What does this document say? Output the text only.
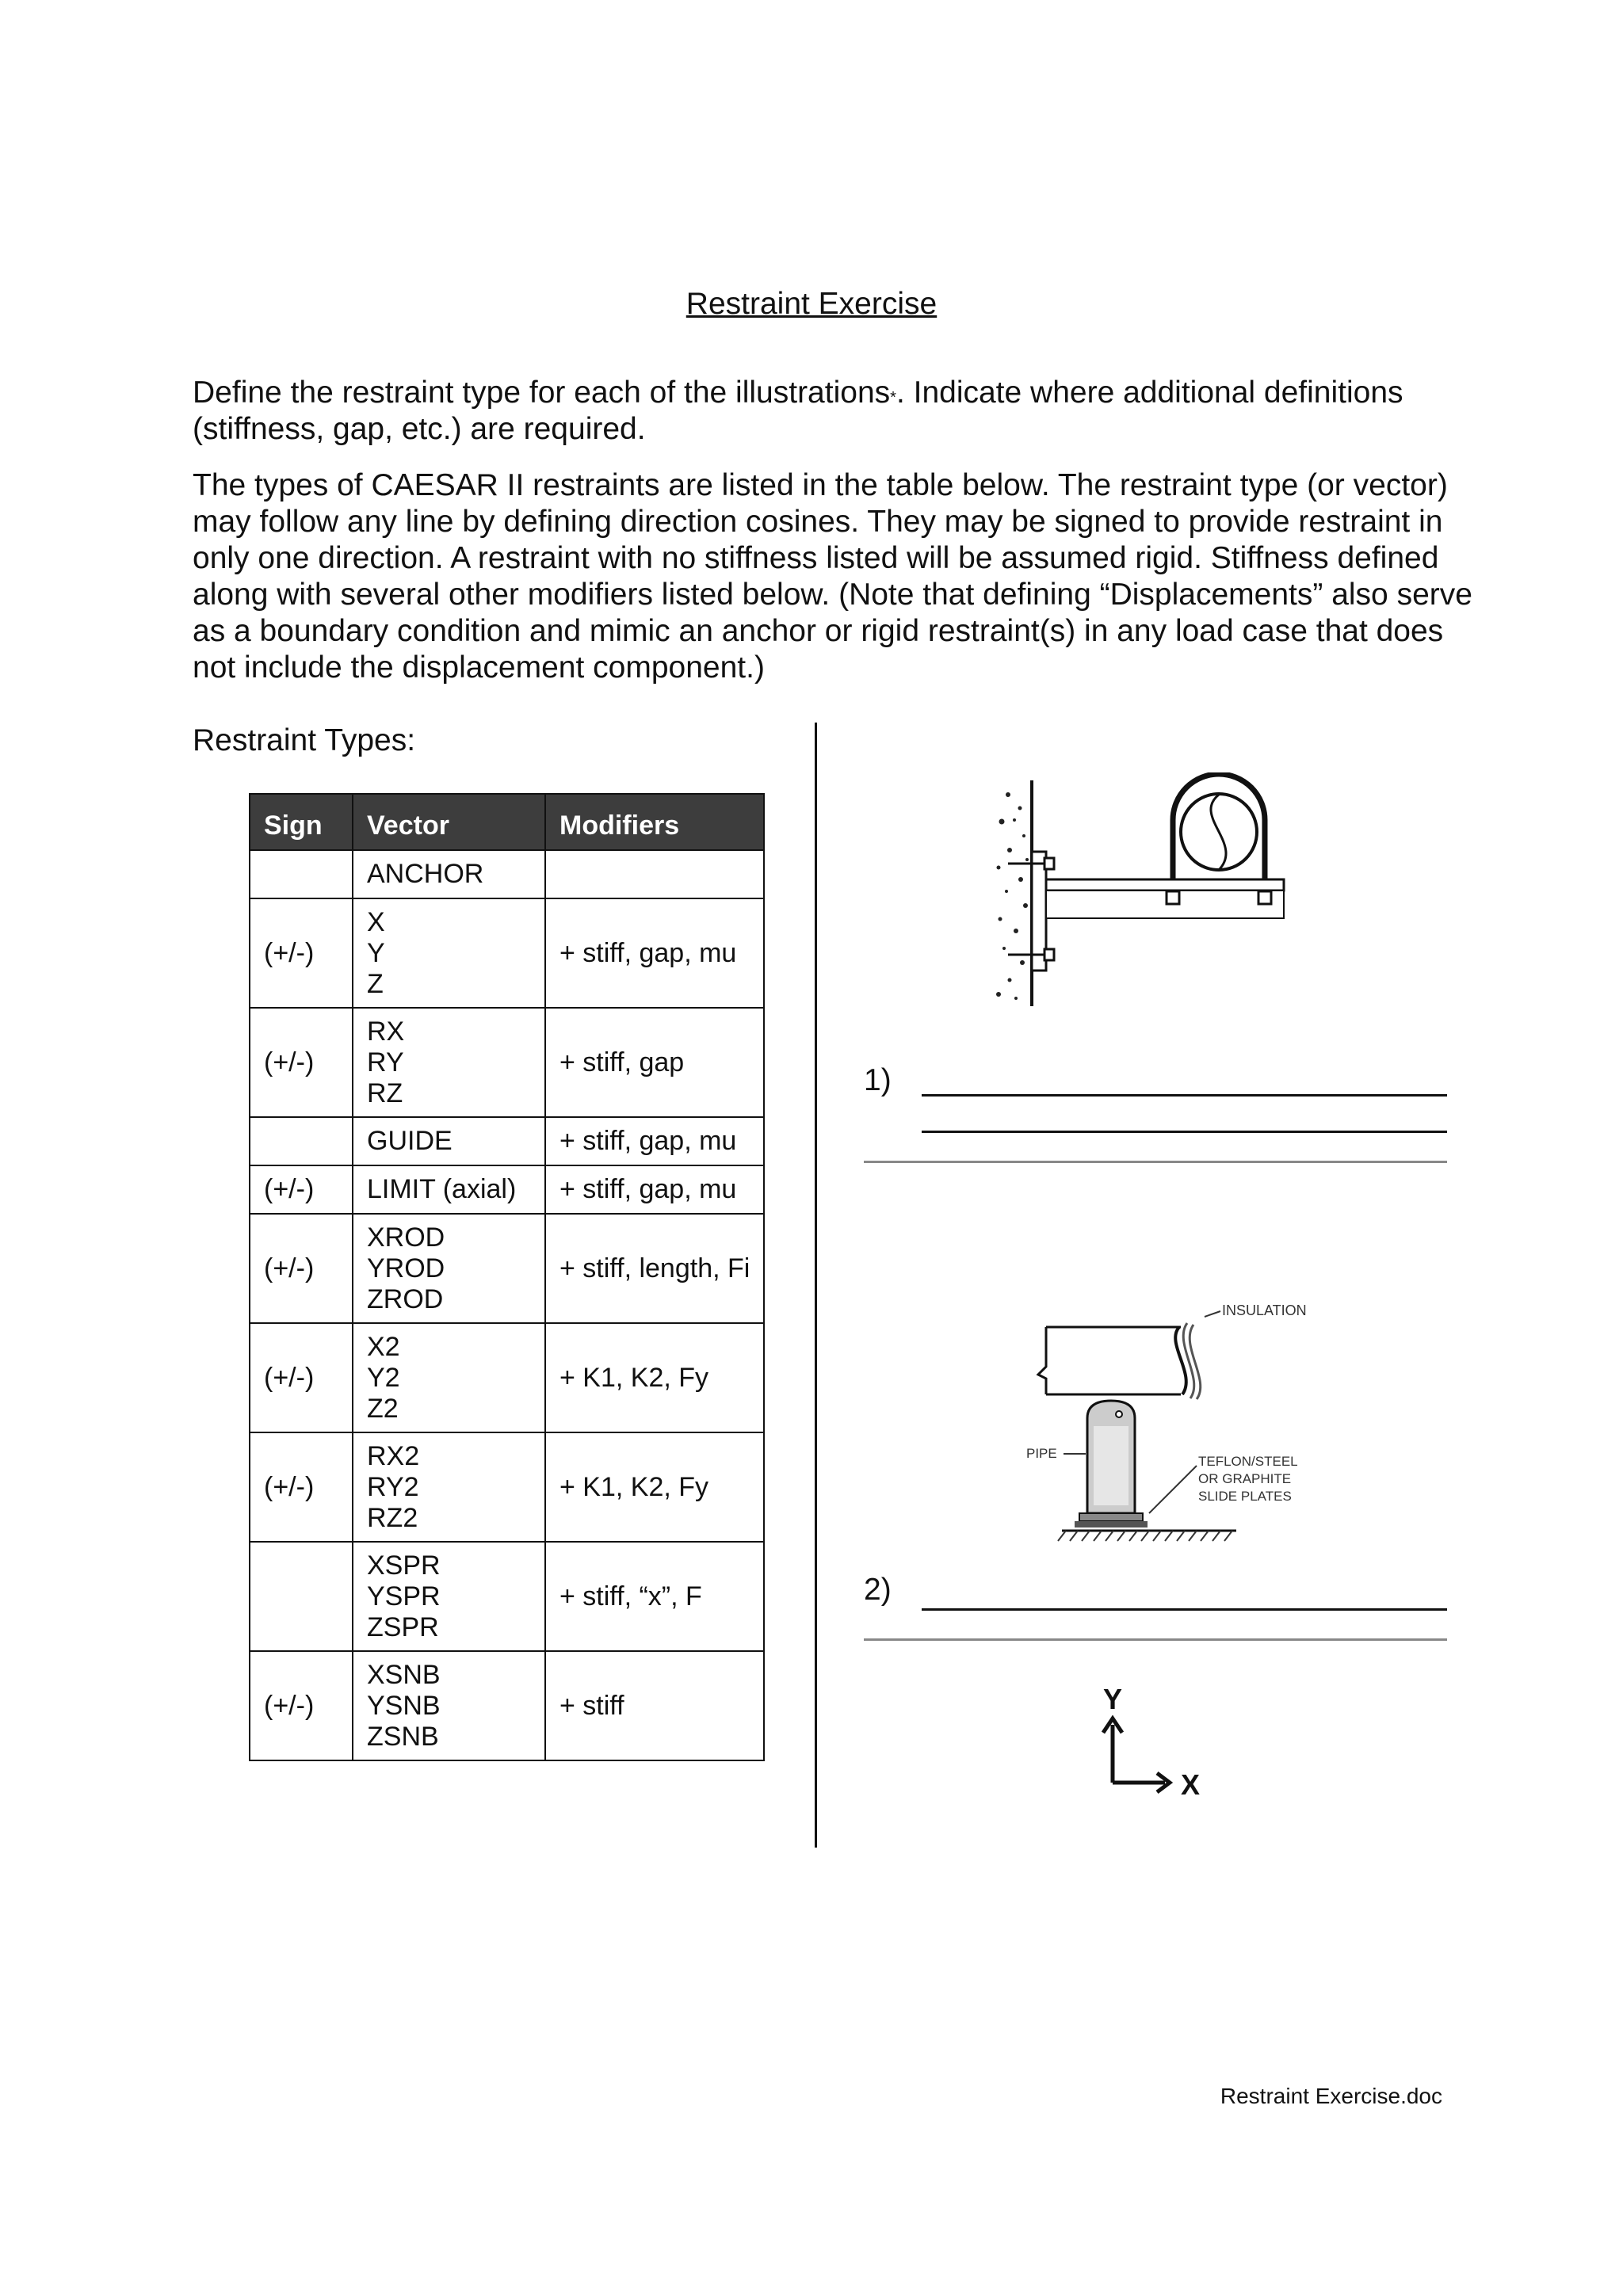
Restraint Exercise

Define the restraint type for each of the illustrations*. Indicate where additional definitions (stiffness, gap, etc.) are required.

The types of CAESAR II restraints are listed in the table below. The restraint type (or vector) may follow any line by defining direction cosines. They may be signed to provide restraint in only one direction. A restraint with no stiffness listed will be assumed rigid. Stiffness defined along with several other modifiers listed below. (Note that defining “Displacements” also serve as a boundary condition and mimic an anchor or rigid restraint(s) in any load case that does not include the displacement component.)

Restraint Types:
Sign	Vector	Modifiers

	ANCHOR	

(+/-)	X
Y
Z	+ stiff, gap, mu
(+/-)	RX
RY
RZ	+ stiff, gap

	GUIDE	+ stiff, gap, mu
(+/-)	LIMIT (axial)	+ stiff, gap, mu
(+/-)	XROD
YROD
ZROD	+ stiff, length, Fi
(+/-)	X2
Y2
Z2	+ K1, K2, Fy
(+/-)	RX2
RY2
RZ2	+ K1, K2, Fy

	XSPR
YSPR
ZSPR	+ stiff, “x”, F
(+/-)	XSNB
YSNB
ZSNB	+ stiff
INSULATION
PIPE
TEFLON/STEEL
OR GRAPHITE
SLIDE PLATES
1)
2)
Y
X
Restraint Exercise.doc
